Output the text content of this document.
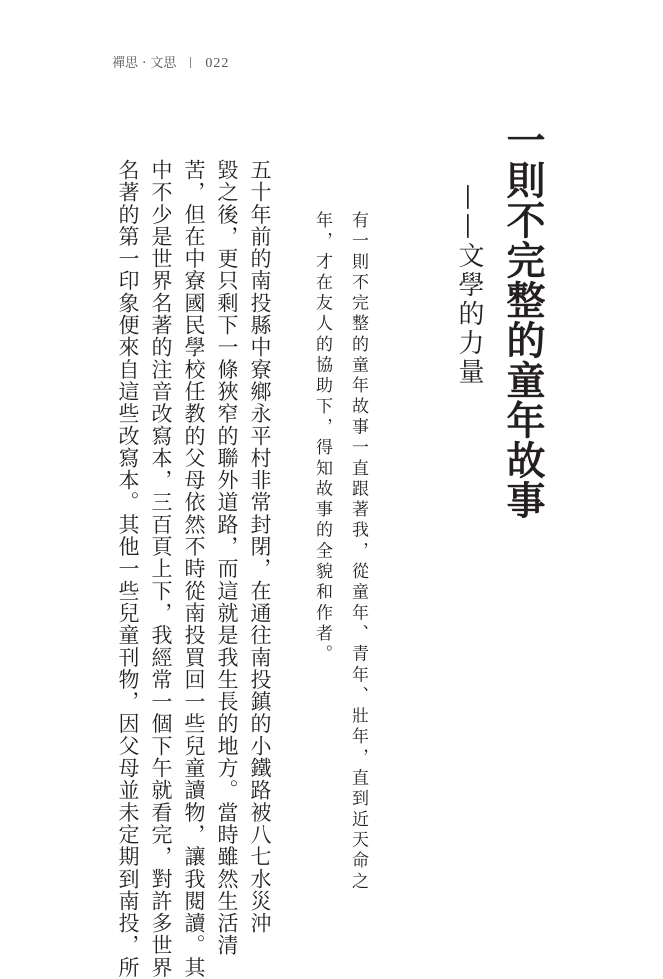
禪思 ‧ 文思 022
一則不完整的童年故事
——文學的力量
有一則不完整的童年故事一直跟著我，從童年、青年、壯年，直到近天命之
年，才在友人的協助下，得知故事的全貌和作者。
五十年前的南投縣中寮鄉永平村非常封閉，在通往南投鎮的小鐵路被八七水災沖
毀之後，更只剩下一條狹窄的聯外道路，而這就是我生長的地方。當時雖然生活清
苦，但在中寮國民學校任教的父母依然不時從南投買回一些兒童讀物，讓我閱讀。其
中不少是世界名著的注音改寫本，三百頁上下，我經常一個下午就看完，對許多世界
名著的第一印象便來自這些改寫本。其他一些兒童刊物，因父母並未定期到南投，所
